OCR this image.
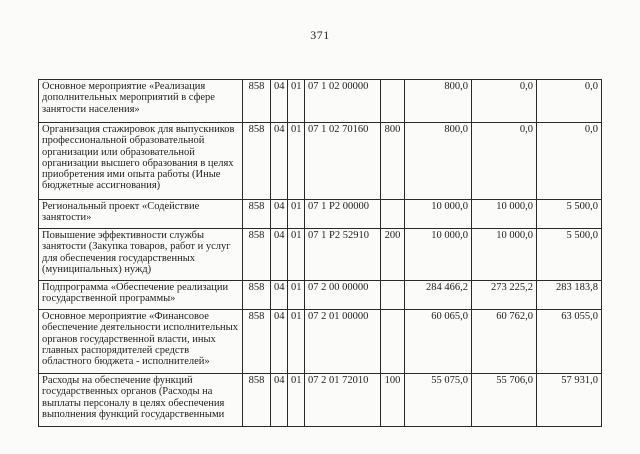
371
Основное мероприятие «Реализация дополнительных мероприятий в сфере занятости населения»	858	04	01	07 1 02 00000		800,0	0,0	0,0
Организация стажировок для выпускников профессиональной образовательной организации или образовательной организации высшего образования в целях приобретения ими опыта работы (Иные бюджетные ассигнования)	858	04	01	07 1 02 70160	800	800,0	0,0	0,0
Региональный проект «Содействие занятости»	858	04	01	07 1 Р2 00000		10 000,0	10 000,0	5 500,0
Повышение эффективности службы занятости (Закупка товаров, работ и услуг для обеспечения государственных (муниципальных) нужд)	858	04	01	07 1 Р2 52910	200	10 000,0	10 000,0	5 500,0
Подпрограмма «Обеспечение реализации государственной программы»	858	04	01	07 2 00 00000		284 466,2	273 225,2	283 183,8
Основное мероприятие «Финансовое обеспечение деятельности исполнительных органов государственной власти, иных главных распорядителей средств областного бюджета - исполнителей»	858	04	01	07 2 01 00000		60 065,0	60 762,0	63 055,0
Расходы на обеспечение функций государственных органов (Расходы на выплаты персоналу в целях обеспечения выполнения функций государственными	858	04	01	07 2 01 72010	100	55 075,0	55 706,0	57 931,0
